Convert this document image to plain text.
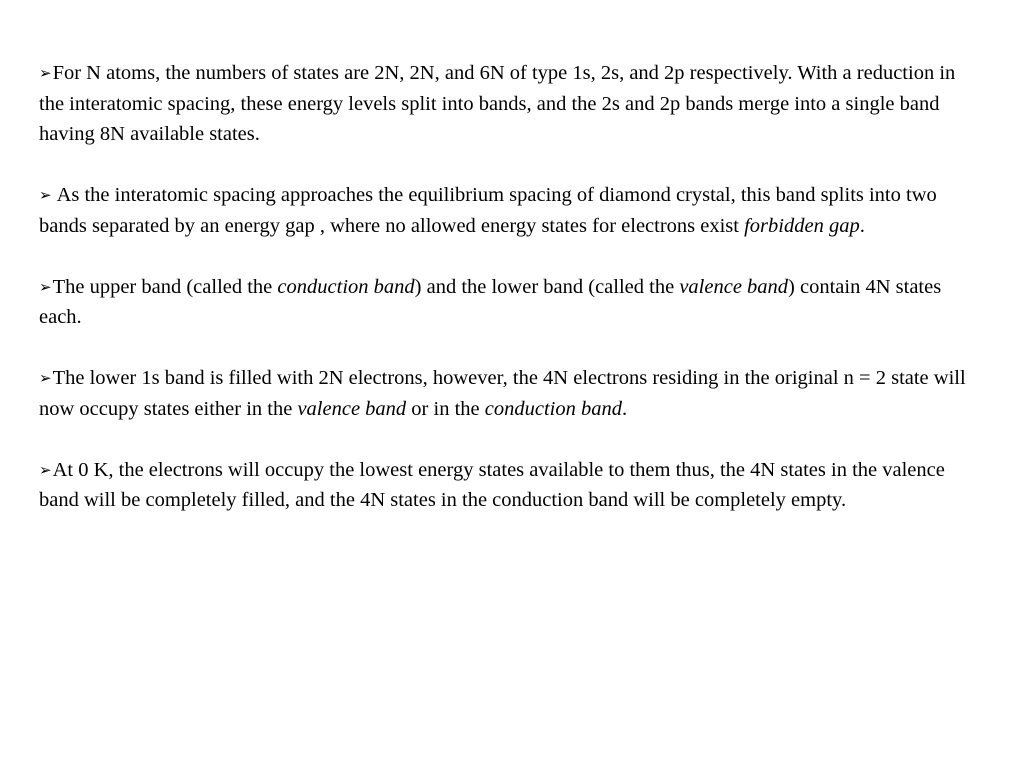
➢For N atoms, the numbers of states are 2N, 2N, and 6N of type 1s, 2s, and 2p respectively. With a reduction in the interatomic spacing, these energy levels split into bands, and the 2s and 2p bands merge into a single band having 8N available states.

➢ As the interatomic spacing approaches the equilibrium spacing of diamond crystal, this band splits into two bands separated by an energy gap , where no allowed energy states for electrons exist forbidden gap.

➢The upper band (called the conduction band) and the lower band (called the valence band) contain 4N states each.

➢The lower 1s band is filled with 2N electrons, however, the 4N electrons residing in the original n = 2 state will now occupy states either in the valence band or in the conduction band.

➢At 0 K, the electrons will occupy the lowest energy states available to them thus, the 4N states in the valence band will be completely filled, and the 4N states in the conduction band will be completely empty.
